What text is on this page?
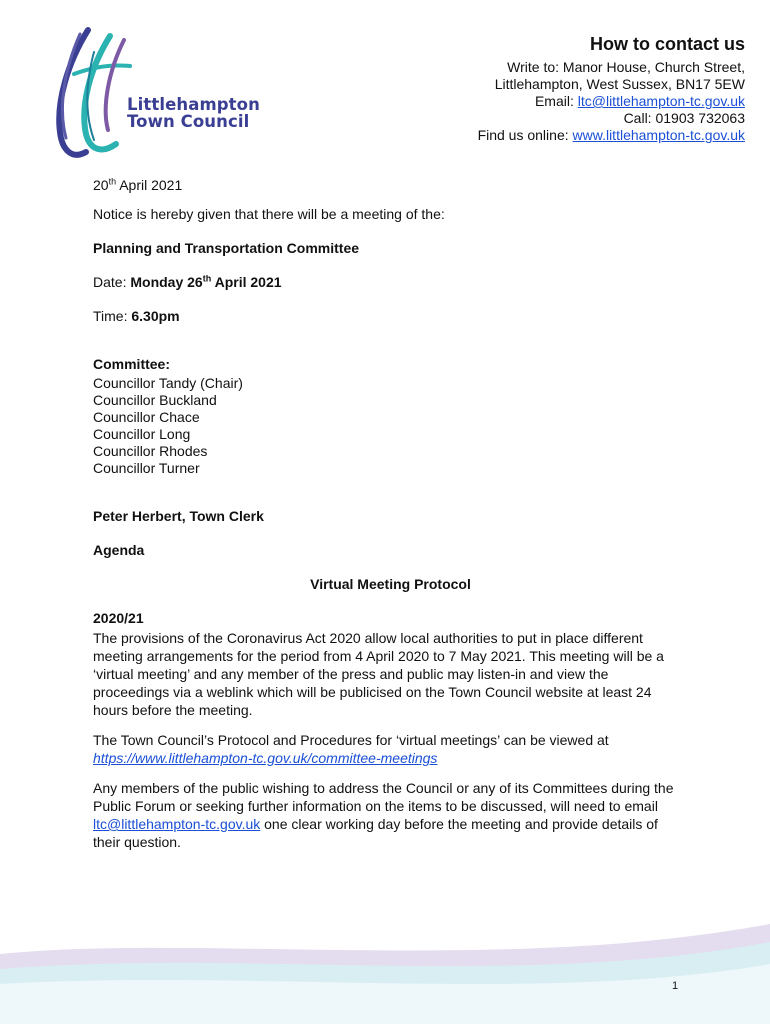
Littlehampton
Town Council
How to contact us
Write to: Manor House, Church Street,
Littlehampton, West Sussex, BN17 5EW
Email: ltc@littlehampton-tc.gov.uk
Call: 01903 732063
Find us online: www.littlehampton-tc.gov.uk

20th April 2021

Notice is hereby given that there will be a meeting of the:

Planning and Transportation Committee

Date: Monday 26th April 2021

Time: 6.30pm

Committee:

Councillor Tandy (Chair)
Councillor Buckland
Councillor Chace
Councillor Long
Councillor Rhodes
Councillor Turner

Peter Herbert, Town Clerk

Agenda

Virtual Meeting Protocol

2020/21

The provisions of the Coronavirus Act 2020 allow local authorities to put in place different meeting arrangements for the period from 4 April 2020 to 7 May 2021. This meeting will be a ‘virtual meeting’ and any member of the press and public may listen-in and view the proceedings via a weblink which will be publicised on the Town Council website at least 24 hours before the meeting.

The Town Council’s Protocol and Procedures for ‘virtual meetings’ can be viewed at

https://www.littlehampton-tc.gov.uk/committee-meetings

Any members of the public wishing to address the Council or any of its Committees during the Public Forum or seeking further information on the items to be discussed, will need to email ltc@littlehampton-tc.gov.uk one clear working day before the meeting and provide details of their question.

1
